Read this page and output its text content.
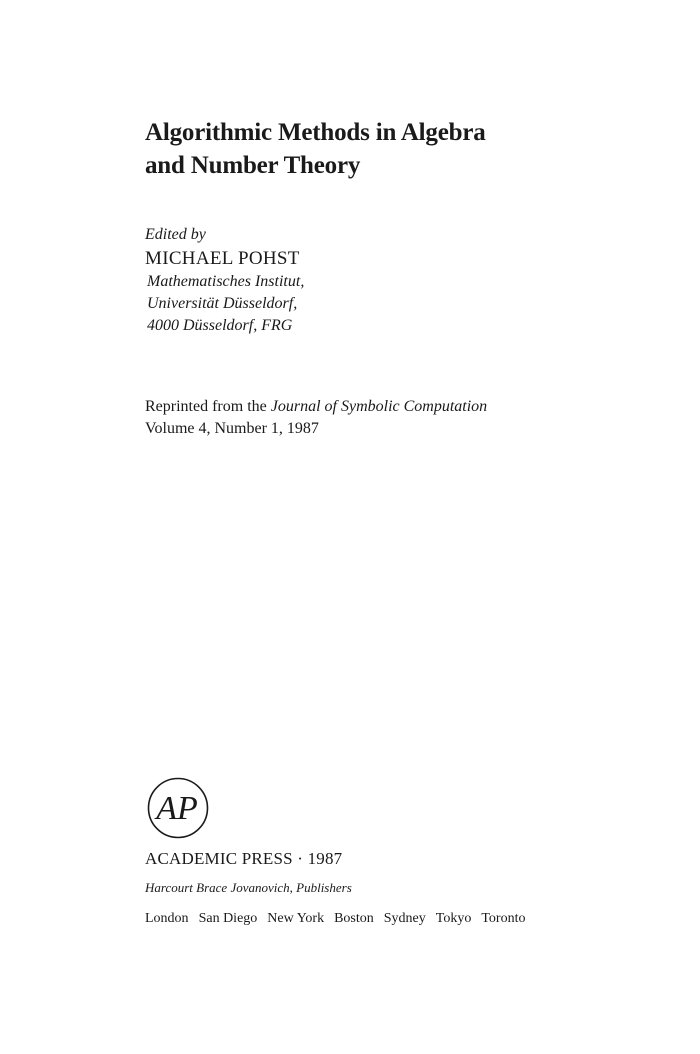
Algorithmic Methods in Algebra
and Number Theory
Edited by
MICHAEL POHST
Mathematisches Institut,
Universität Düsseldorf,
4000 Düsseldorf, FRG
Reprinted from the Journal of Symbolic Computation
Volume 4, Number 1, 1987
AP
ACADEMIC PRESS · 1987
Harcourt Brace Jovanovich, Publishers
London San Diego New York Boston Sydney Tokyo Toronto
